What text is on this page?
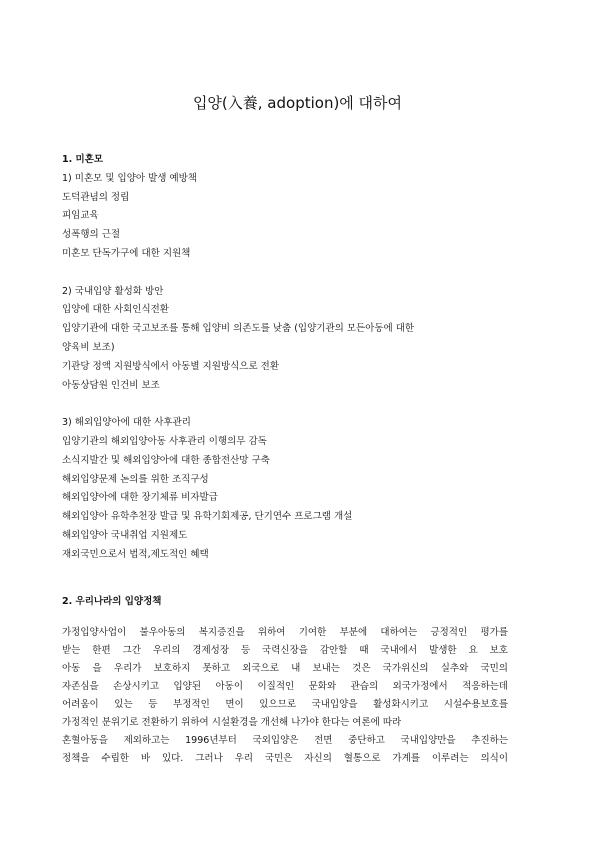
입양(入養, adoption)에 대하여
1. 미혼모
1) 미혼모 및 입양아 발생 예방책
도덕관념의 정립
피임교육
성폭행의 근절
미혼모 단독가구에 대한 지원책
2) 국내입양 활성화 방안
입양에 대한 사회인식전환
입양기관에 대한 국고보조를 통해 입양비 의존도를 낮춤 (입양기관의 모든아동에 대한
양육비 보조)
기관당 정액 지원방식에서 아동별 지원방식으로 전환
아동상담원 인건비 보조
3) 해외입양아에 대한 사후관리
입양기관의 해외입양아동 사후관리 이행의무 감독
소식지발간 및 해외입양아에 대한 종합전산망 구축
해외입양문제 논의를 위한 조직구성
해외입양아에 대한 장기체류 비자발급
해외입양아 유학추천장 발급 및 유학기회제공, 단기연수 프로그램 개설
해외입양아 국내취업 지원제도
재외국민으로서 법적,제도적인 혜택
2. 우리나라의 입양정책
가정입양사업이 불우아동의 복지증진을 위하여 기여한 부분에 대하여는 긍정적인 평가를
받는 한편 그간 우리의 경제성장 등 국력신장을 감안할 때 국내에서 발생한 요 보호
아동 을 우리가 보호하지 못하고 외국으로 내 보내는 것은 국가위신의 실추와 국민의
자존심을 손상시키고 입양된 아동이 이질적인 문화와 관습의 외국가정에서 적응하는데
어려움이 있는 등 부정적인 면이 있으므로 국내입양을 활성화시키고 시설수용보호를
가정적인 분위기로 전환하기 위하여 시설환경을 개선해 나가야 한다는 여론에 따라
혼혈아동을 제외하고는 1996년부터 국외입양은 전면 중단하고 국내입양만을 추진하는
정책을 수립한 바 있다. 그러나 우리 국민은 자신의 혈통으로 가계를 이루려는 의식이
